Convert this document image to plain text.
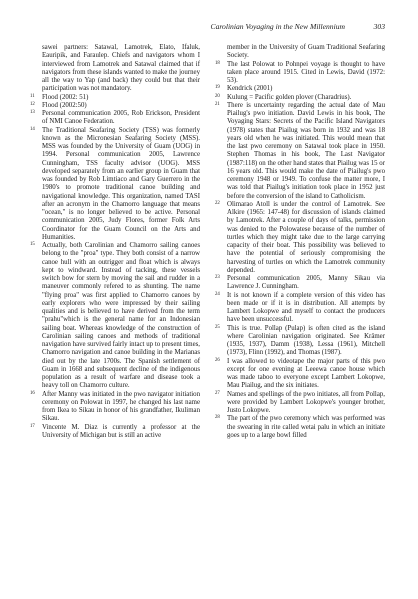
Carolinian Voyaging in the New Millennium	303
sawei partners: Satawal, Lamotrek, Elato, Ifaluk, Eauripik, and Faraulep. Chiefs and navigators whom I interviewed from Lamotrek and Satawal claimed that if navigators from these islands wanted to make the journey all the way to Yap (and back) they could but that their participation was not mandatory.
11 Flood (2002: 51)
12 Flood (2002:50)
13 Personal communication 2005, Rob Erickson, President of NMI Canoe Federation.
14 The Traditional Seafaring Society (TSS) was formerly known as the Micronesian Seafaring Society (MSS). MSS was founded by the University of Guam (UOG) in 1994. Personal communication 2005, Lawrence Cunningham, TSS faculty advisor (UOG). MSS developed separately from an earlier group in Guam that was founded by Rob Limtiaco and Gary Guerrero in the 1980's to promote traditional canoe building and navigational knowledge. This organization, named TASI after an acronym in the Chamorro language that means "ocean," is no longer believed to be active. Personal communication 2005, Judy Flores, former Folk Arts Coordinator for the Guam Council on the Arts and Humanities.
15 Actually, both Carolinian and Chamorro sailing canoes belong to the "proa" type. They both consist of a narrow canoe hull with an outrigger and float which is always kept to windward. Instead of tacking, these vessels switch bow for stern by moving the sail and rudder in a maneuver commonly refered to as shunting. The name "flying proa" was first applied to Chamorro canoes by early explorers who were impressed by their sailing qualities and is believed to have derived from the term "prahu"which is the general name for an Indonesian sailing boat. Whereas knowledge of the construction of Carolinian sailing canoes and methods of traditional navigation have survived fairly intact up to present times, Chamorro navigation and canoe building in the Marianas died out by the late 1700s. The Spanish settlement of Guam in 1668 and subsequent decline of the indigenous population as a result of warfare and disease took a heavy toll on Chamorro culture.
16 After Manny was initiated in the pwo navigator initiation ceremony on Polowat in 1997, he changed his last name from Ikea to Sikau in honor of his grandfather, Ikuliman Sikau.
17 Vincente M. Diaz is currently a professor at the University of Michigan but is still an active
member in the University of Guam Traditional Seafaring Society.
18 The last Polowat to Pohnpei voyage is thought to have taken place around 1915. Cited in Lewis, David (1972: 53).
19 Kendrick (2001)
20 Kulung = Pacific golden plover (Charadrius).
21 There is uncertainty regarding the actual date of Mau Piailug's pwo initiation. David Lewis in his book, The Voyaging Stars: Secrets of the Pacific Island Navigators (1978) states that Piailug was born in 1932 and was 18 years old when he was initiated. This would mean that the last pwo ceremony on Satawal took place in 1950. Stephen Thomas in his book, The Last Navigator (1987:118) on the other hand states that Piailug was 15 or 16 years old. This would make the date of Piailug's pwo ceremony 1948 or 1949. To confuse the matter more, I was told that Piailug's initiation took place in 1952 just before the conversion of the island to Catholicism.
22 Olimarao Atoll is under the control of Lamotrek. See Alkire (1965: 147-48) for discussion of islands claimed by Lamotrek. After a couple of days of talks, permission was denied to the Polowatese because of the number of turtles which they might take due to the large carrying capacity of their boat. This possibility was believed to have the potential of seriously compromising the harvesting of turtles on which the Lamotrek community depended.
23 Personal communication 2005, Manny Sikau via Lawrence J. Cunningham.
24 It is not known if a complete version of this video has been made or if it is in distribution. All attempts by Lambert Lokopwe and myself to contact the producers have been unsuccessful.
25 This is true. Pollap (Pulap) is often cited as the island where Carolinian navigation originated. See Krämer (1935, 1937), Damm (1938), Lessa (1961), Mitchell (1973), Flinn (1992), and Thomas (1987).
26 I was allowed to videotape the major parts of this pwo except for one evening at Leeewa canoe house which was made taboo to everyone except Lambert Lokopwe, Mau Piailug, and the six initiates.
27 Names and spellings of the pwo initiates, all from Pollap, were provided by Lambert Lokopwe's younger brother, Justo Lokopwe.
28 The part of the pwo ceremony which was performed was the swearing in rite called wetai palu in which an initiate goes up to a large bowl filled
